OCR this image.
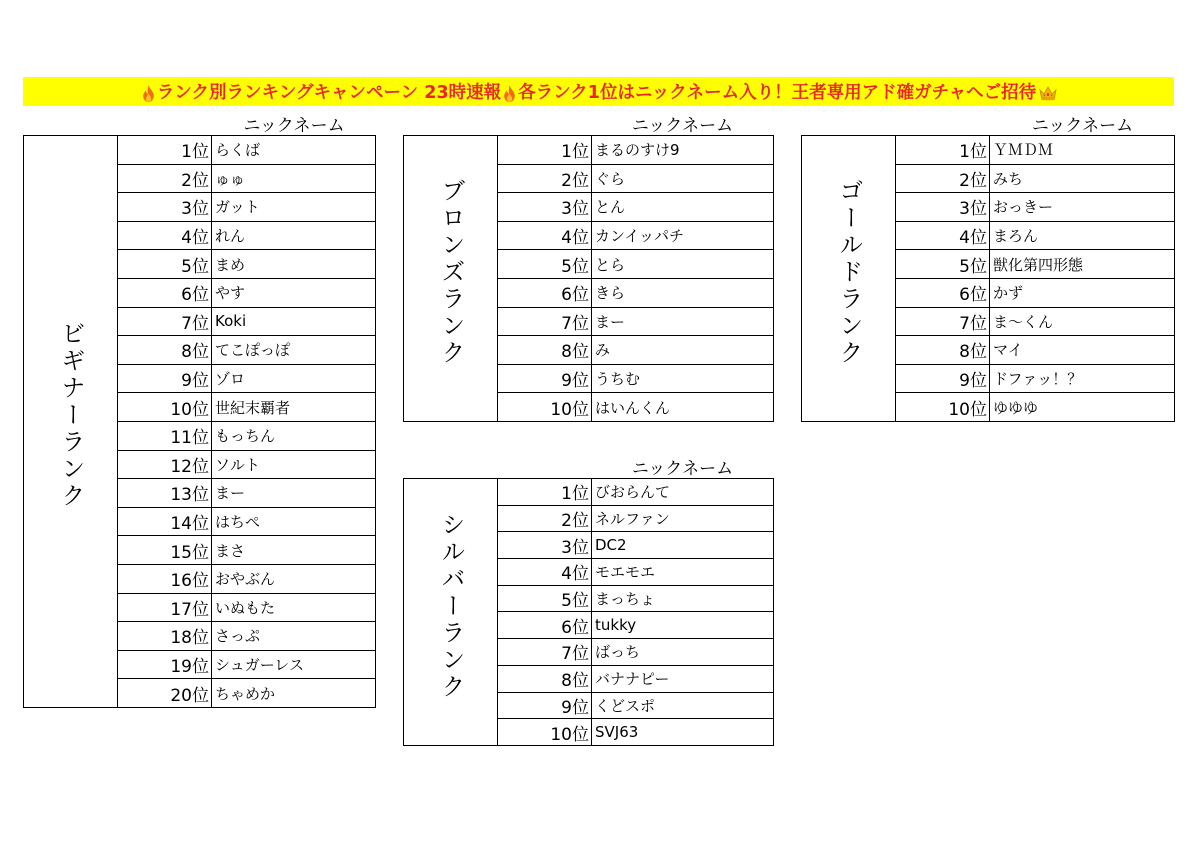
ランク別ランキングキャンペーン 23時速報 各ランク1位はニックネーム入り！王者専用アド確ガチャへご招待
ニックネーム	ニックネーム	ニックネーム
ニックネーム
ビギナーランク	1位	らくば
	2位	ゅゅ
	3位	ガット
	4位	れん
	5位	まめ
	6位	やす
	7位	Koki
	8位	てこぽっぽ
	9位	ゾロ
	10位	世紀末覇者
	11位	もっちん
	12位	ソルト
	13位	まー
	14位	はちぺ
	15位	まさ
	16位	おやぶん
	17位	いぬもた
	18位	さっぷ
	19位	シュガーレス
	20位	ちゃめか
ブロンズランク	1位	まるのすけ9
	2位	ぐら
	3位	とん
	4位	カンイッパチ
	5位	とら
	6位	きら
	7位	まー
	8位	み
	9位	うちむ
	10位	はいんくん
ゴールドランク	1位	ＹＭＤＭ
	2位	みち
	3位	おっきー
	4位	まろん
	5位	獣化第四形態
	6位	かず
	7位	ま～くん
	8位	マイ
	9位	ドファッ！？
	10位	ゆゆゆ
シルバーランク	1位	びおらんて
	2位	ネルファン
	3位	DC2
	4位	モエモエ
	5位	まっちょ
	6位	tukky
	7位	ばっち
	8位	バナナピー
	9位	くどスポ
	10位	SVJ63
